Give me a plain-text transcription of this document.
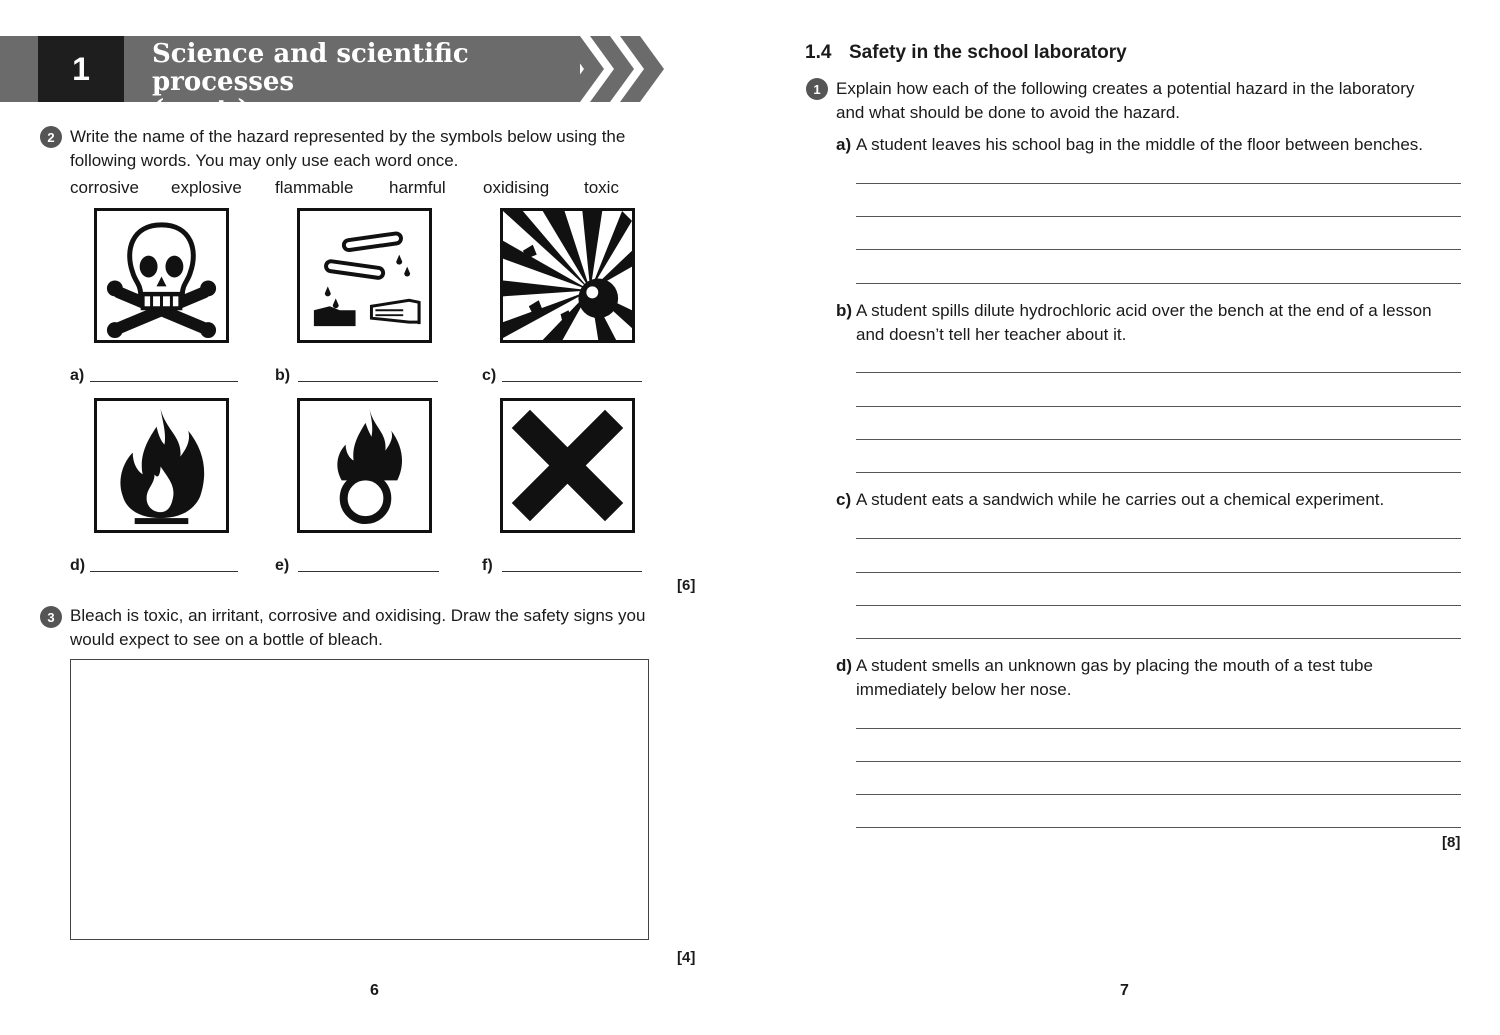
1	Science and scientific processes
(cont.)
2 Write the name of the hazard represented by the symbols below using the
following words. You may only use each word once.
corrosive explosive flammable harmful oxidising toxic
a)	b)	c)
d)	e)	f)
[6]
3 Bleach is toxic, an irritant, corrosive and oxidising. Draw the safety signs you
would expect to see on a bottle of bleach.
[4]
6
1.4 Safety in the school laboratory
1 Explain how each of the following creates a potential hazard in the laboratory
and what should be done to avoid the hazard.
a) A student leaves his school bag in the middle of the floor between benches.
b) A student spills dilute hydrochloric acid over the bench at the end of a lesson
and doesn’t tell her teacher about it.
c) A student eats a sandwich while he carries out a chemical experiment.
d) A student smells an unknown gas by placing the mouth of a test tube
immediately below her nose.
[8]
7
